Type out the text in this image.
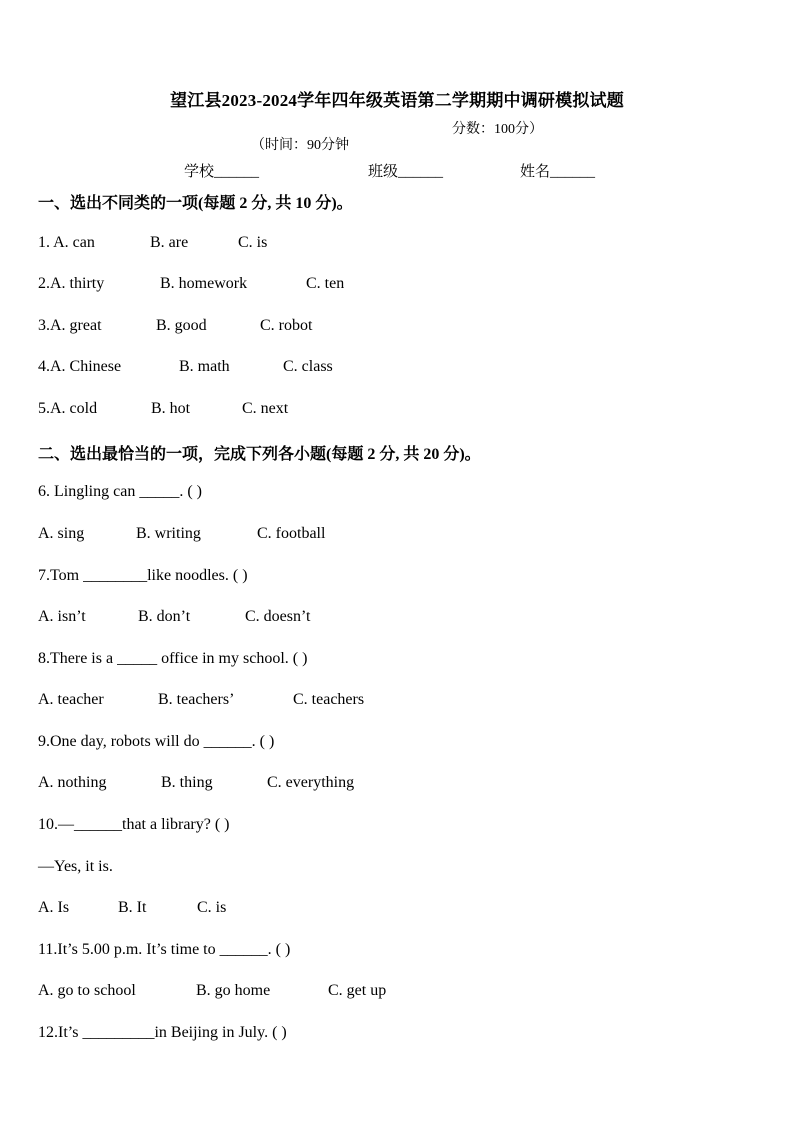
望江县2023-2024学年四年级英语第二学期期中调研模拟试题

（时间：90分钟

分数：100分）

学校______	班级______	姓名______
一、选出不同类的一项(每题 2 分, 共 10 分)。
1. A. can	B. are	C. is
2.A. thirty	B. homework	C. ten
3.A. great	B. good	C. robot
4.A. Chinese	B. math	C. class
5.A. cold	B. hot	C. next
二、选出最恰当的一项，完成下列各小题(每题 2 分, 共 20 分)。
6. Lingling can _____. ( )
A. sing	B. writing	C. football
7.Tom ________like noodles. ( )
A. isn’t	B. don’t	C. doesn’t
8.There is a _____ office in my school. ( )
A. teacher	B. teachers’	C. teachers
9.One day, robots will do ______. ( )
A. nothing	B. thing	C. everything
10.—______that a library? ( )
—Yes, it is.
A. Is	B. It	C. is
11.It’s 5.00 p.m. It’s time to ______. ( )
A. go to school	B. go home	C. get up
12.It’s _________in Beijing in July. ( )
